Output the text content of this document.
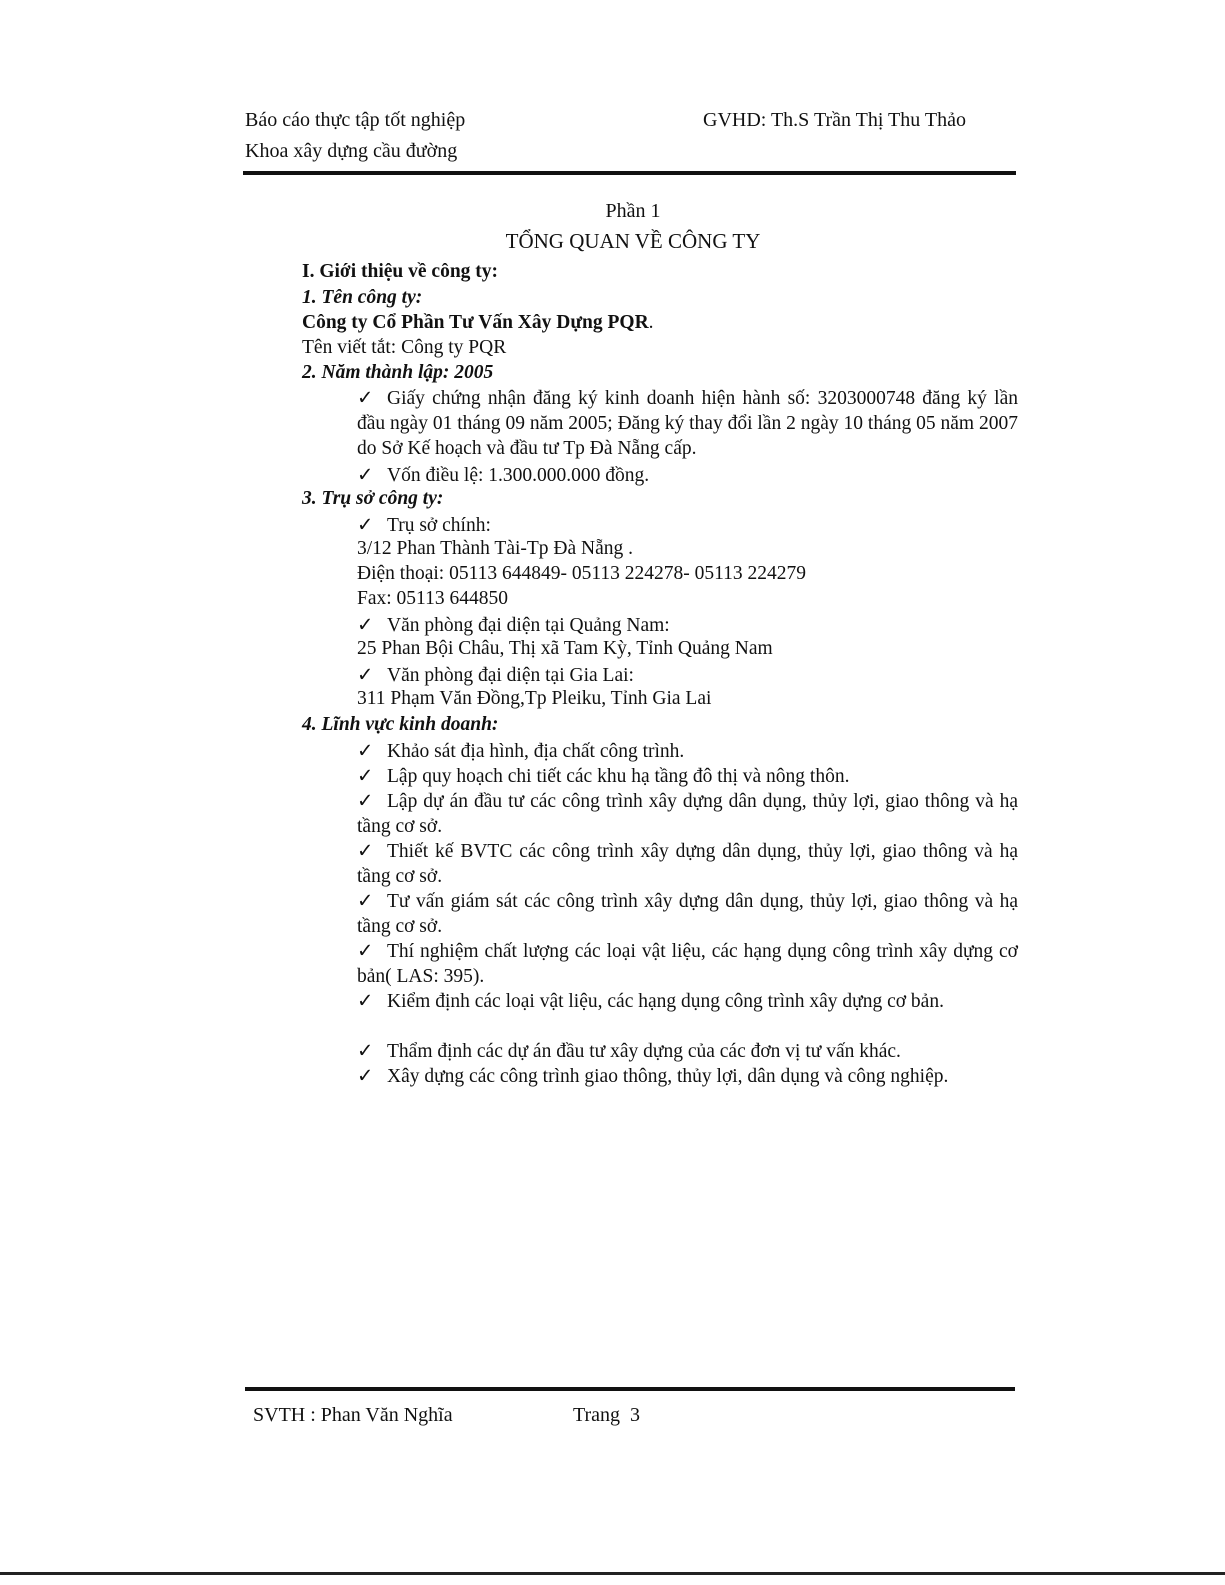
Báo cáo thực tập tốt nghiệp	GVHD: Th.S Trần Thị Thu Thảo
Khoa xây dựng cầu đường
Phần 1
TỔNG QUAN VỀ CÔNG TY
I. Giới thiệu về công ty:
1. Tên công ty:
Công ty Cổ Phần Tư Vấn Xây Dựng PQR.
Tên viết tắt: Công ty PQR
2. Năm thành lập: 2005
✓ Giấy chứng nhận đăng ký kinh doanh hiện hành số: 3203000748 đăng ký lần đầu ngày 01 tháng 09 năm 2005; Đăng ký thay đổi lần 2 ngày 10 tháng 05 năm 2007 do Sở Kế hoạch và đầu tư Tp Đà Nẵng cấp.
✓ Vốn điều lệ: 1.300.000.000 đồng.
3. Trụ sở công ty:
✓ Trụ sở chính:
3/12 Phan Thành Tài-Tp Đà Nẵng .
Điện thoại: 05113 644849- 05113 224278- 05113 224279
Fax: 05113 644850
✓ Văn phòng đại diện tại Quảng Nam:
25 Phan Bội Châu, Thị xã Tam Kỳ, Tỉnh Quảng Nam
✓ Văn phòng đại diện tại Gia Lai:
311 Phạm Văn Đồng,Tp Pleiku, Tỉnh Gia Lai
4. Lĩnh vực kinh doanh:
✓ Khảo sát địa hình, địa chất công trình.
✓ Lập quy hoạch chi tiết các khu hạ tầng đô thị và nông thôn.
✓ Lập dự án đầu tư các công trình xây dựng dân dụng, thủy lợi, giao thông và hạ tầng cơ sở.
✓ Thiết kế BVTC các công trình xây dựng dân dụng, thủy lợi, giao thông và hạ tầng cơ sở.
✓ Tư vấn giám sát các công trình xây dựng dân dụng, thủy lợi, giao thông và hạ tầng cơ sở.
✓ Thí nghiệm chất lượng các loại vật liệu, các hạng dụng công trình xây dựng cơ bản( LAS: 395).
✓ Kiểm định các loại vật liệu, các hạng dụng công trình xây dựng cơ bản.
✓ Thẩm định các dự án đầu tư xây dựng của các đơn vị tư vấn khác.
✓ Xây dựng các công trình giao thông, thủy lợi, dân dụng và công nghiệp.
SVTH : Phan Văn Nghĩa	Trang  3
